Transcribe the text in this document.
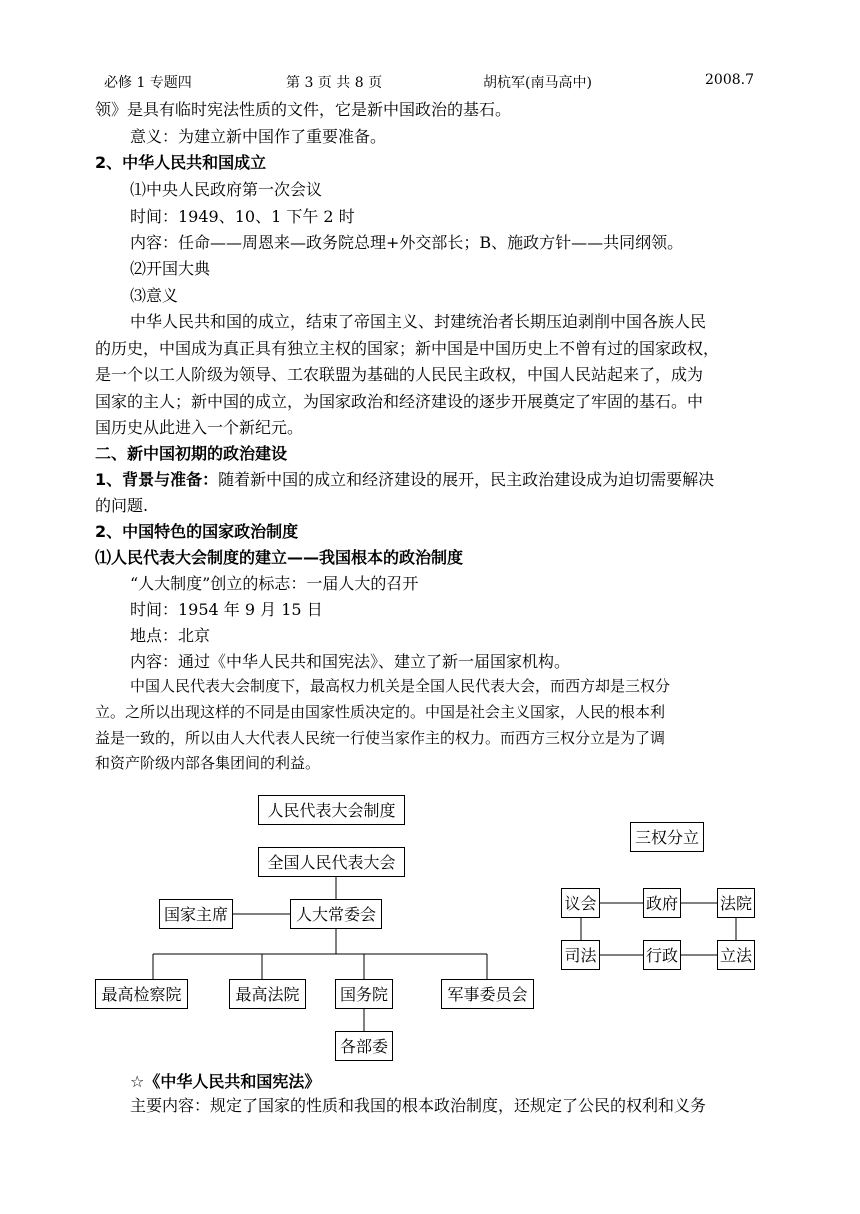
必修 1 专题四	第 3 页 共 8 页	胡杭军(南马高中)	2008.7
领》是具有临时宪法性质的文件，它是新中国政治的基石。
意义：为建立新中国作了重要准备。
2、中华人民共和国成立
⑴中央人民政府第一次会议
时间：1949、10、1 下午 2 时
内容：任命——周恩来—政务院总理+外交部长；B、施政方针——共同纲领。
⑵开国大典
⑶意义
中华人民共和国的成立，结束了帝国主义、封建统治者长期压迫剥削中国各族人民
的历史，中国成为真正具有独立主权的国家；新中国是中国历史上不曾有过的国家政权，
是一个以工人阶级为领导、工农联盟为基础的人民民主政权，中国人民站起来了，成为
国家的主人；新中国的成立，为国家政治和经济建设的逐步开展奠定了牢固的基石。中
国历史从此进入一个新纪元。
二、新中国初期的政治建设
1、背景与准备：随着新中国的成立和经济建设的展开，民主政治建设成为迫切需要解决
的问题.
2、中国特色的国家政治制度
⑴人民代表大会制度的建立——我国根本的政治制度
“人大制度”创立的标志：一届人大的召开
时间：1954 年 9 月 15 日
地点：北京
内容：通过《中华人民共和国宪法》、建立了新一届国家机构。
中国人民代表大会制度下，最高权力机关是全国人民代表大会，而西方却是三权分
立。之所以出现这样的不同是由国家性质决定的。中国是社会主义国家，人民的根本利
益是一致的，所以由人大代表人民统一行使当家作主的权力。而西方三权分立是为了调
和资产阶级内部各集团间的利益。
人民代表大会制度
全国人民代表大会
国家主席	人大常委会
最高检察院	最高法院	国务院	军事委员会
各部委
三权分立
议会	政府	法院
司法	行政	立法
☆《中华人民共和国宪法》
主要内容：规定了国家的性质和我国的根本政治制度，还规定了公民的权利和义务
